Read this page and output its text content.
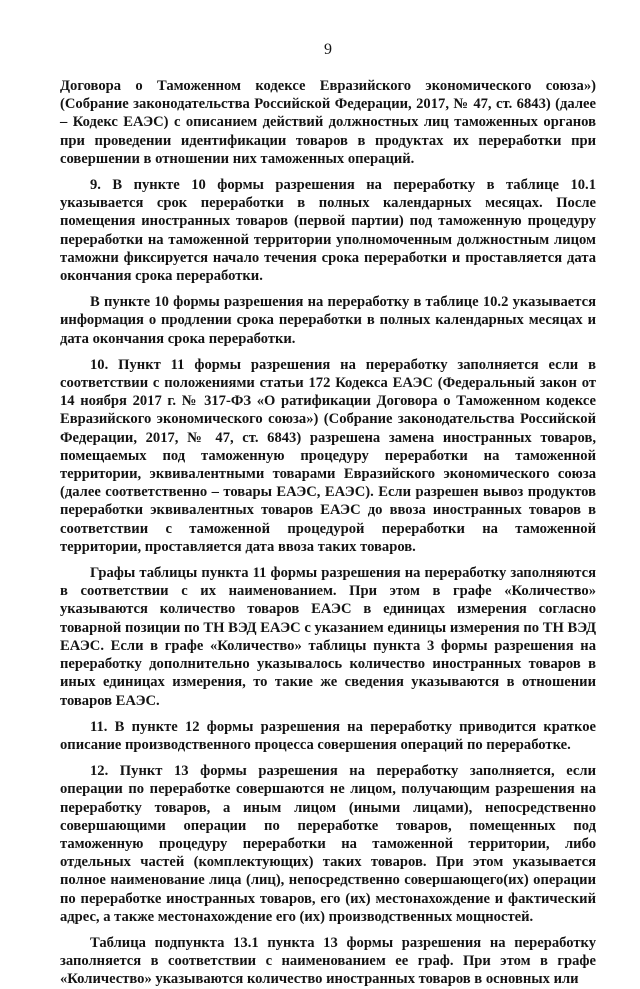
9

Договора о Таможенном кодексе Евразийского экономического союза») (Собрание законодательства Российской Федерации, 2017, № 47, ст. 6843) (далее – Кодекс ЕАЭС) с описанием действий должностных лиц таможенных органов при проведении идентификации товаров в продуктах их переработки при совершении в отношении них таможенных операций.

9. В пункте 10 формы разрешения на переработку в таблице 10.1 указывается срок переработки в полных календарных месяцах. После помещения иностранных товаров (первой партии) под таможенную процедуру переработки на таможенной территории уполномоченным должностным лицом таможни фиксируется начало течения срока переработки и проставляется дата окончания срока переработки.

В пункте 10 формы разрешения на переработку в таблице 10.2 указывается информация о продлении срока переработки в полных календарных месяцах и дата окончания срока переработки.

10. Пункт 11 формы разрешения на переработку заполняется если в соответствии с положениями статьи 172 Кодекса ЕАЭС (Федеральный закон от 14 ноября 2017 г. № 317-ФЗ «О ратификации Договора о Таможенном кодексе Евразийского экономического союза») (Собрание законодательства Российской Федерации, 2017, № 47, ст. 6843) разрешена замена иностранных товаров, помещаемых под таможенную процедуру переработки на таможенной территории, эквивалентными товарами Евразийского экономического союза (далее соответственно – товары ЕАЭС, ЕАЭС). Если разрешен вывоз продуктов переработки эквивалентных товаров ЕАЭС до ввоза иностранных товаров в соответствии с таможенной процедурой переработки на таможенной территории, проставляется дата ввоза таких товаров.

Графы таблицы пункта 11 формы разрешения на переработку заполняются в соответствии с их наименованием. При этом в графе «Количество» указываются количество товаров ЕАЭС в единицах измерения согласно товарной позиции по ТН ВЭД ЕАЭС с указанием единицы измерения по ТН ВЭД ЕАЭС. Если в графе «Количество» таблицы пункта 3 формы разрешения на переработку дополнительно указывалось количество иностранных товаров в иных единицах измерения, то такие же сведения указываются в отношении товаров ЕАЭС.

11. В пункте 12 формы разрешения на переработку приводится краткое описание производственного процесса совершения операций по переработке.

12. Пункт 13 формы разрешения на переработку заполняется, если операции по переработке совершаются не лицом, получающим разрешения на переработку товаров, а иным лицом (иными лицами), непосредственно совершающими операции по переработке товаров, помещенных под таможенную процедуру переработки на таможенной территории, либо отдельных частей (комплектующих) таких товаров. При этом указывается полное наименование лица (лиц), непосредственно совершающего(их) операции по переработке иностранных товаров, его (их) местонахождение и фактический адрес, а также местонахождение его (их) производственных мощностей.

Таблица подпункта 13.1 пункта 13 формы разрешения на переработку заполняется в соответствии с наименованием ее граф. При этом в графе «Количество» указываются количество иностранных товаров в основных или
